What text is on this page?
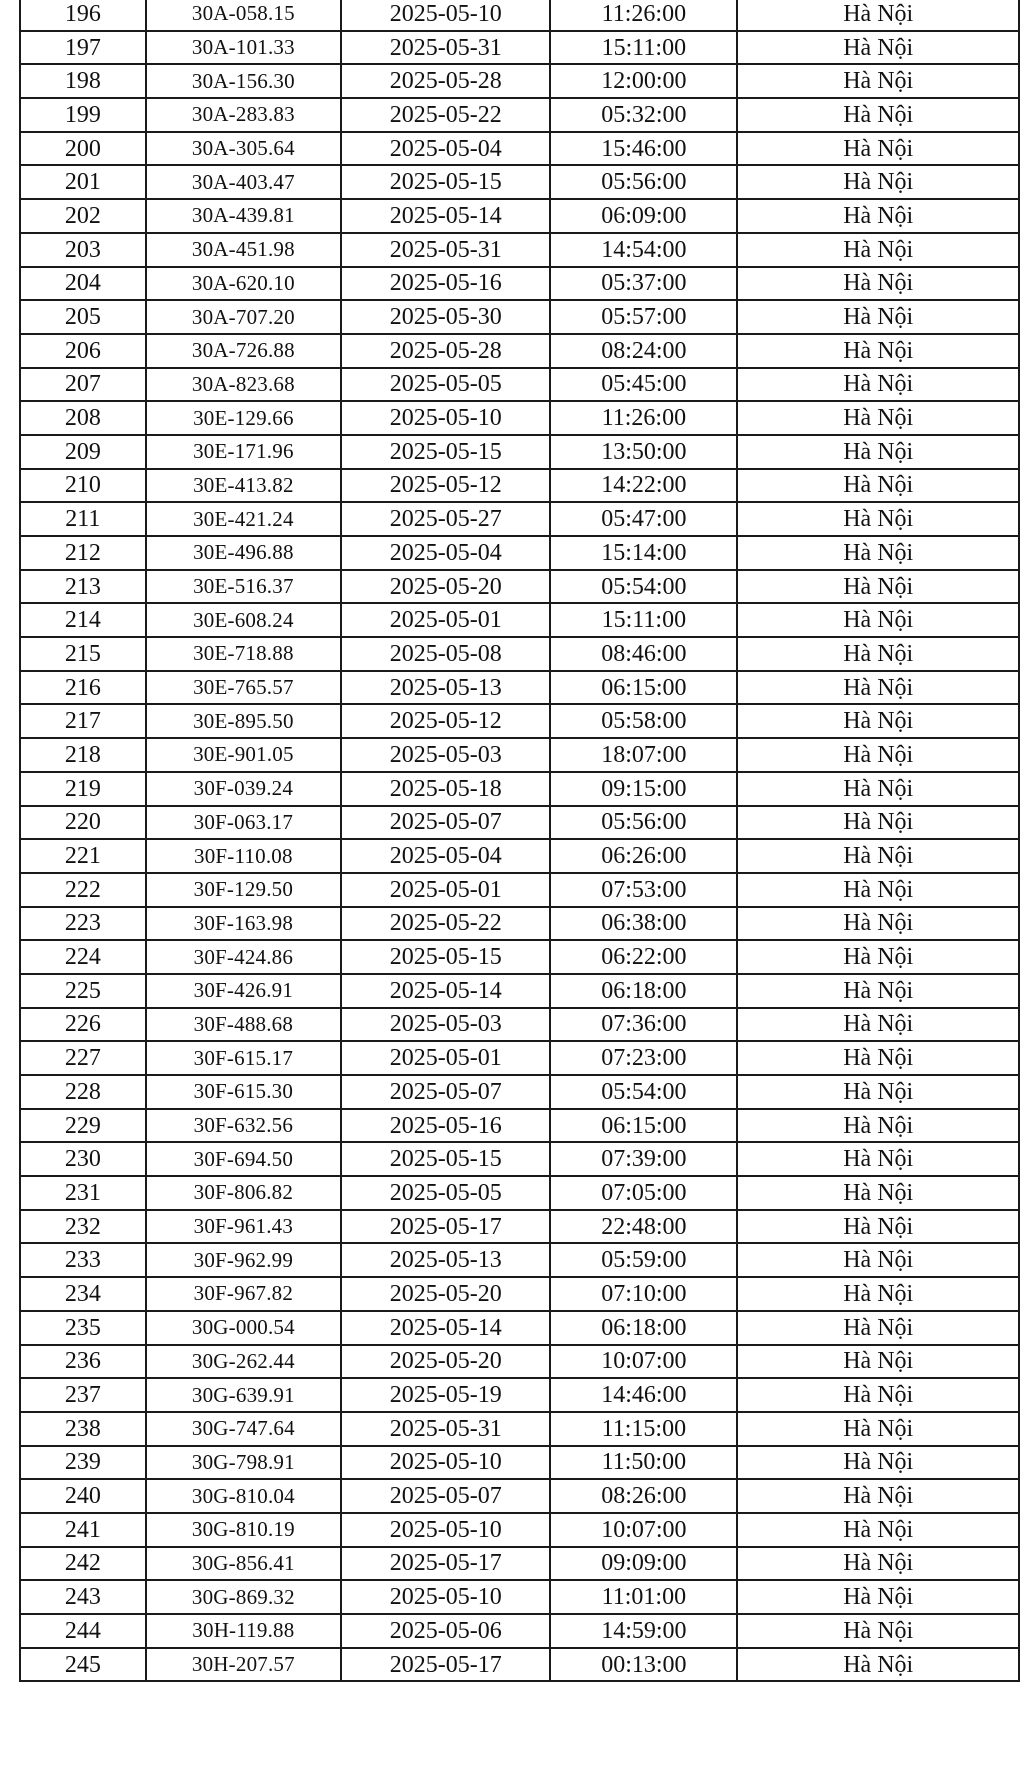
196	30A-058.15	2025-05-10	11:26:00	Hà Nội
197	30A-101.33	2025-05-31	15:11:00	Hà Nội
198	30A-156.30	2025-05-28	12:00:00	Hà Nội
199	30A-283.83	2025-05-22	05:32:00	Hà Nội
200	30A-305.64	2025-05-04	15:46:00	Hà Nội
201	30A-403.47	2025-05-15	05:56:00	Hà Nội
202	30A-439.81	2025-05-14	06:09:00	Hà Nội
203	30A-451.98	2025-05-31	14:54:00	Hà Nội
204	30A-620.10	2025-05-16	05:37:00	Hà Nội
205	30A-707.20	2025-05-30	05:57:00	Hà Nội
206	30A-726.88	2025-05-28	08:24:00	Hà Nội
207	30A-823.68	2025-05-05	05:45:00	Hà Nội
208	30E-129.66	2025-05-10	11:26:00	Hà Nội
209	30E-171.96	2025-05-15	13:50:00	Hà Nội
210	30E-413.82	2025-05-12	14:22:00	Hà Nội
211	30E-421.24	2025-05-27	05:47:00	Hà Nội
212	30E-496.88	2025-05-04	15:14:00	Hà Nội
213	30E-516.37	2025-05-20	05:54:00	Hà Nội
214	30E-608.24	2025-05-01	15:11:00	Hà Nội
215	30E-718.88	2025-05-08	08:46:00	Hà Nội
216	30E-765.57	2025-05-13	06:15:00	Hà Nội
217	30E-895.50	2025-05-12	05:58:00	Hà Nội
218	30E-901.05	2025-05-03	18:07:00	Hà Nội
219	30F-039.24	2025-05-18	09:15:00	Hà Nội
220	30F-063.17	2025-05-07	05:56:00	Hà Nội
221	30F-110.08	2025-05-04	06:26:00	Hà Nội
222	30F-129.50	2025-05-01	07:53:00	Hà Nội
223	30F-163.98	2025-05-22	06:38:00	Hà Nội
224	30F-424.86	2025-05-15	06:22:00	Hà Nội
225	30F-426.91	2025-05-14	06:18:00	Hà Nội
226	30F-488.68	2025-05-03	07:36:00	Hà Nội
227	30F-615.17	2025-05-01	07:23:00	Hà Nội
228	30F-615.30	2025-05-07	05:54:00	Hà Nội
229	30F-632.56	2025-05-16	06:15:00	Hà Nội
230	30F-694.50	2025-05-15	07:39:00	Hà Nội
231	30F-806.82	2025-05-05	07:05:00	Hà Nội
232	30F-961.43	2025-05-17	22:48:00	Hà Nội
233	30F-962.99	2025-05-13	05:59:00	Hà Nội
234	30F-967.82	2025-05-20	07:10:00	Hà Nội
235	30G-000.54	2025-05-14	06:18:00	Hà Nội
236	30G-262.44	2025-05-20	10:07:00	Hà Nội
237	30G-639.91	2025-05-19	14:46:00	Hà Nội
238	30G-747.64	2025-05-31	11:15:00	Hà Nội
239	30G-798.91	2025-05-10	11:50:00	Hà Nội
240	30G-810.04	2025-05-07	08:26:00	Hà Nội
241	30G-810.19	2025-05-10	10:07:00	Hà Nội
242	30G-856.41	2025-05-17	09:09:00	Hà Nội
243	30G-869.32	2025-05-10	11:01:00	Hà Nội
244	30H-119.88	2025-05-06	14:59:00	Hà Nội
245	30H-207.57	2025-05-17	00:13:00	Hà Nội
